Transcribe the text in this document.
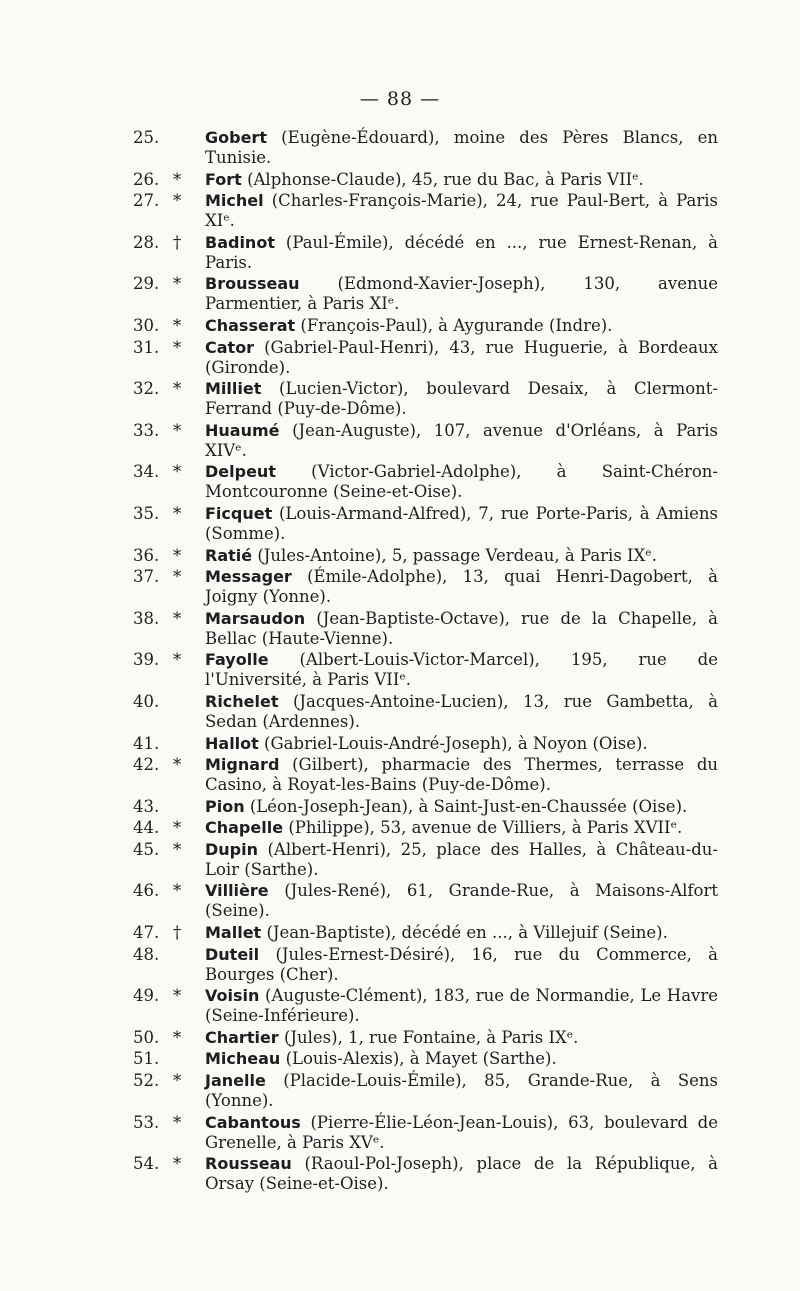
— 88 —
25.	Gobert (Eugène-Édouard), moine des Pères Blancs, en Tunisie.
26. *	Fort (Alphonse-Claude), 45, rue du Bac, à Paris VIIᵉ.
27. *	Michel (Charles-François-Marie), 24, rue Paul-Bert, à Paris XIᵉ.
28. †	Badinot (Paul-Émile), décédé en ..., rue Ernest-Renan, à Paris.
29. *	Brousseau (Edmond-Xavier-Joseph), 130, avenue Parmentier, à Paris XIᵉ.
30. *	Chasserat (François-Paul), à Aygurande (Indre).
31. *	Cator (Gabriel-Paul-Henri), 43, rue Huguerie, à Bordeaux (Gironde).
32. *	Milliet (Lucien-Victor), boulevard Desaix, à Clermont-Ferrand (Puy-de-Dôme).
33. *	Huaumé (Jean-Auguste), 107, avenue d'Orléans, à Paris XIVᵉ.
34. *	Delpeut (Victor-Gabriel-Adolphe), à Saint-Chéron-Montcouronne (Seine-et-Oise).
35. *	Ficquet (Louis-Armand-Alfred), 7, rue Porte-Paris, à Amiens (Somme).
36. *	Ratié (Jules-Antoine), 5, passage Verdeau, à Paris IXᵉ.
37. *	Messager (Émile-Adolphe), 13, quai Henri-Dagobert, à Joigny (Yonne).
38. *	Marsaudon (Jean-Baptiste-Octave), rue de la Chapelle, à Bellac (Haute-Vienne).
39. *	Fayolle (Albert-Louis-Victor-Marcel), 195, rue de l'Université, à Paris VIIᵉ.
40.	Richelet (Jacques-Antoine-Lucien), 13, rue Gambetta, à Sedan (Ardennes).
41.	Hallot (Gabriel-Louis-André-Joseph), à Noyon (Oise).
42. *	Mignard (Gilbert), pharmacie des Thermes, terrasse du Casino, à Royat-les-Bains (Puy-de-Dôme).
43.	Pion (Léon-Joseph-Jean), à Saint-Just-en-Chaussée (Oise).
44. *	Chapelle (Philippe), 53, avenue de Villiers, à Paris XVIIᵉ.
45. *	Dupin (Albert-Henri), 25, place des Halles, à Château-du-Loir (Sarthe).
46. *	Villière (Jules-René), 61, Grande-Rue, à Maisons-Alfort (Seine).
47. †	Mallet (Jean-Baptiste), décédé en ..., à Villejuif (Seine).
48.	Duteil (Jules-Ernest-Désiré), 16, rue du Commerce, à Bourges (Cher).
49. *	Voisin (Auguste-Clément), 183, rue de Normandie, Le Havre (Seine-Inférieure).
50. *	Chartier (Jules), 1, rue Fontaine, à Paris IXᵉ.
51.	Micheau (Louis-Alexis), à Mayet (Sarthe).
52. *	Janelle (Placide-Louis-Émile), 85, Grande-Rue, à Sens (Yonne).
53. *	Cabantous (Pierre-Élie-Léon-Jean-Louis), 63, boulevard de Grenelle, à Paris XVᵉ.
54. *	Rousseau (Raoul-Pol-Joseph), place de la République, à Orsay (Seine-et-Oise).
